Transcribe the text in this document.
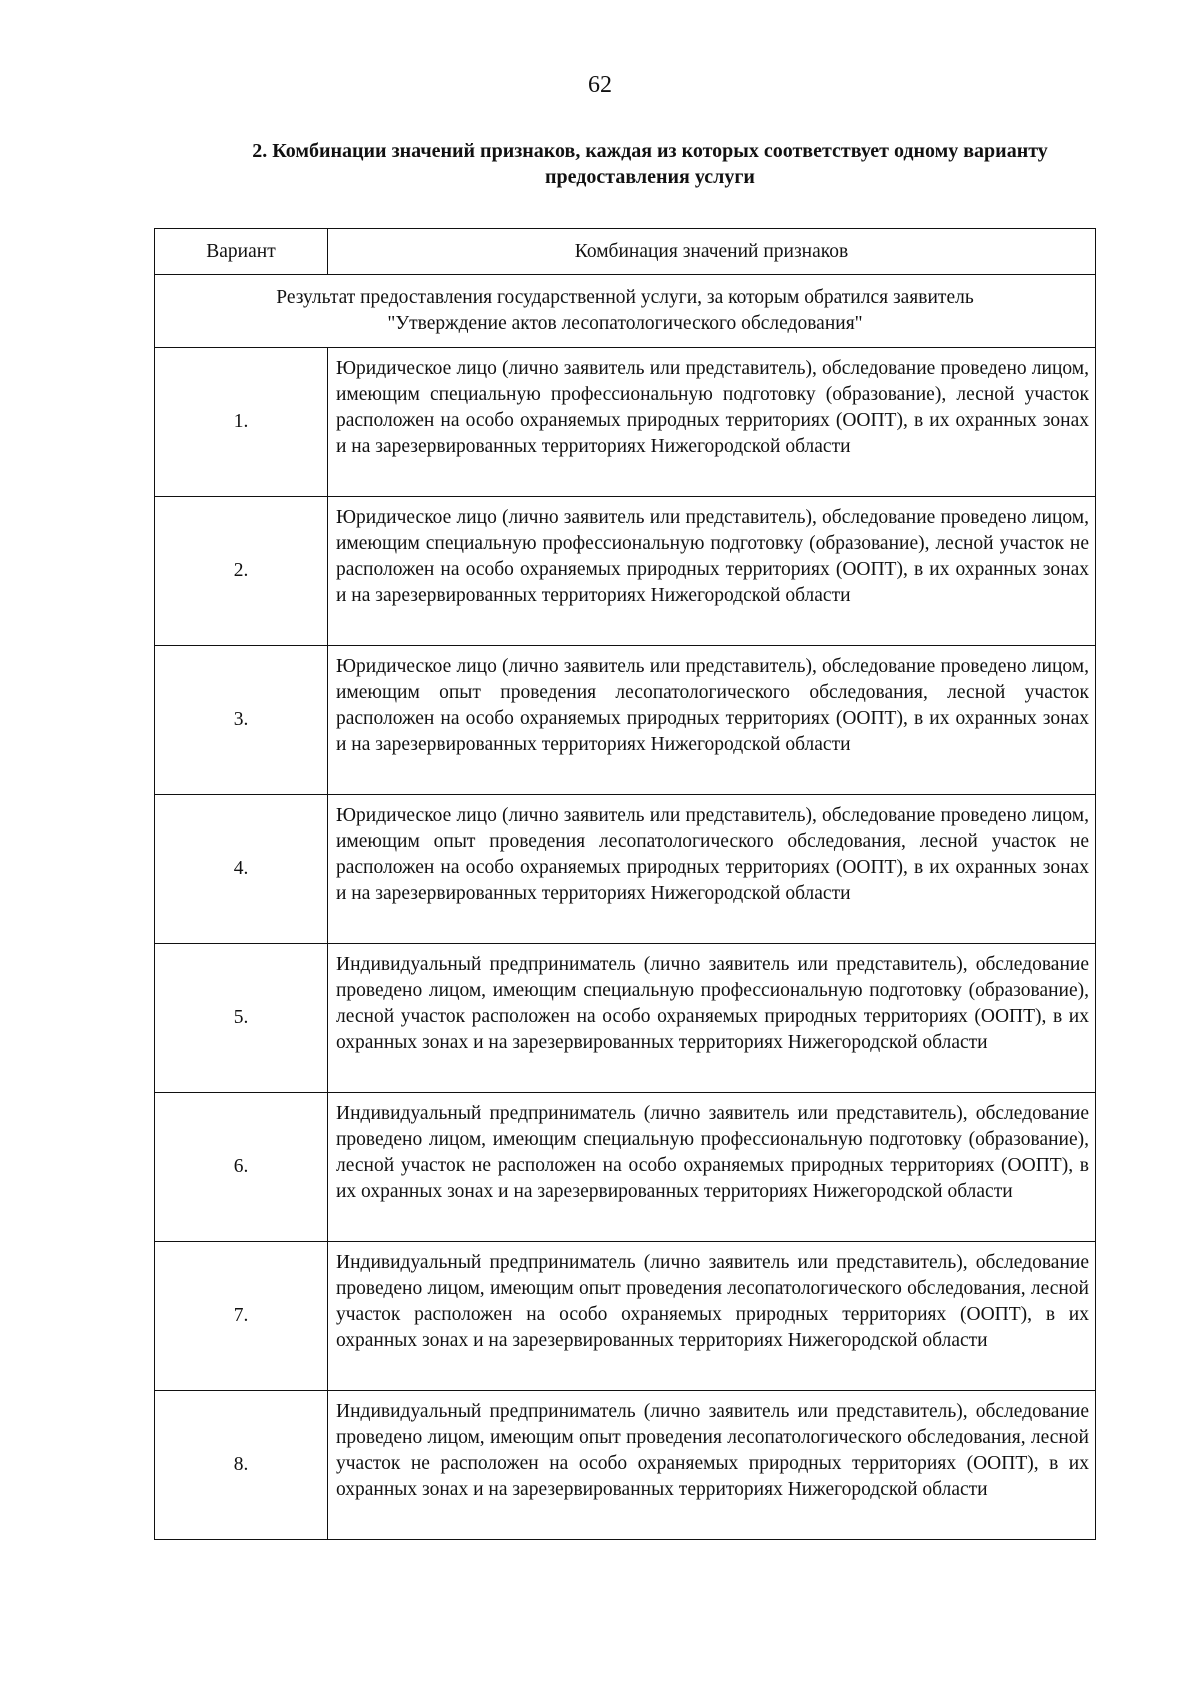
62
2. Комбинации значений признаков, каждая из которых соответствует одному варианту
предоставления услуги
Вариант	Комбинация значений признаков

Результат предоставления государственной услуги, за которым обратился заявитель
"Утверждение актов лесопатологического обследования"	

1.	Юридическое лицо (лично заявитель или представитель), обследование проведено лицом, имеющим специальную профессиональную подготовку (образование), лесной участок расположен на особо охраняемых природных территориях (ООПТ), в их охранных зонах и на зарезервированных территориях Нижегородской области
2.	Юридическое лицо (лично заявитель или представитель), обследование проведено лицом, имеющим специальную профессиональную подготовку (образование), лесной участок не расположен на особо охраняемых природных территориях (ООПТ), в их охранных зонах и на зарезервированных территориях Нижегородской области
3.	Юридическое лицо (лично заявитель или представитель), обследование проведено лицом, имеющим опыт проведения лесопатологического обследования, лесной участок расположен на особо охраняемых природных территориях (ООПТ), в их охранных зонах и на зарезервированных территориях Нижегородской области
4.	Юридическое лицо (лично заявитель или представитель), обследование проведено лицом, имеющим опыт проведения лесопатологического обследования, лесной участок не расположен на особо охраняемых природных территориях (ООПТ), в их охранных зонах и на зарезервированных территориях Нижегородской области
5.	Индивидуальный предприниматель (лично заявитель или представитель), обследование проведено лицом, имеющим специальную профессиональную подготовку (образование), лесной участок расположен на особо охраняемых природных территориях (ООПТ), в их охранных зонах и на зарезервированных территориях Нижегородской области
6.	Индивидуальный предприниматель (лично заявитель или представитель), обследование проведено лицом, имеющим специальную профессиональную подготовку (образование), лесной участок не расположен на особо охраняемых природных территориях (ООПТ), в их охранных зонах и на зарезервированных территориях Нижегородской области
7.	Индивидуальный предприниматель (лично заявитель или представитель), обследование проведено лицом, имеющим опыт проведения лесопатологического обследования, лесной участок расположен на особо охраняемых природных территориях (ООПТ), в их охранных зонах и на зарезервированных территориях Нижегородской области
8.	Индивидуальный предприниматель (лично заявитель или представитель), обследование проведено лицом, имеющим опыт проведения лесопатологического обследования, лесной участок не расположен на особо охраняемых природных территориях (ООПТ), в их охранных зонах и на зарезервированных территориях Нижегородской области
